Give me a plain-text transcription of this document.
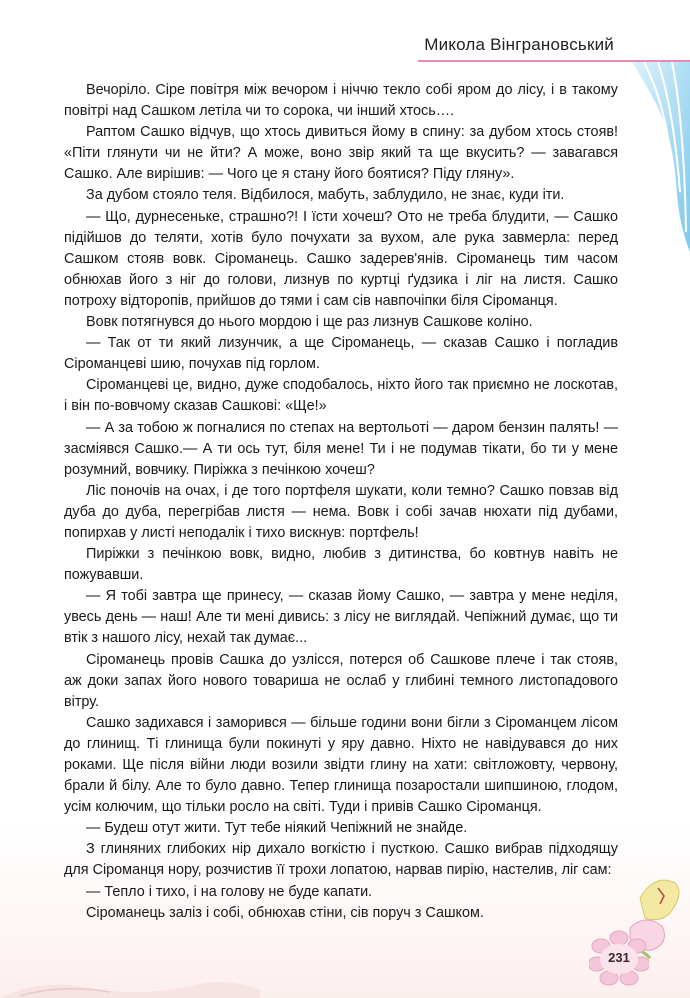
Микола Вінграновський

Вечоріло. Сіре повітря між вечором і ніччю текло собі яром до лісу, і в такому повітрі над Сашком летіла чи то сорока, чи інший хтось….

Раптом Сашко відчув, що хтось дивиться йому в спину: за дубом хтось стояв! «Піти глянути чи не йти? А може, воно звір який та ще вкусить? — завагався Сашко. Але вирішив: — Чого це я стану його боятися? Піду гляну».

За дубом стояло теля. Відбилося, мабуть, заблудило, не знає, куди іти.

— Що, дурнесеньке, страшно?! І їсти хочеш? Ото не треба блудити, — Сашко підійшов до теляти, хотів було почухати за вухом, але рука завмерла: перед Сашком стояв вовк. Сіроманець. Сашко задерев'янів. Сіроманець тим часом обнюхав його з ніг до голови, лизнув по куртці ґудзика і ліг на листя. Сашко потроху відторопів, прийшов до тями і сам сів навпочіпки біля Сіроманця.

Вовк потягнувся до нього мордою і ще раз лизнув Сашкове коліно.

— Так от ти який лизунчик, а ще Сіроманець, — сказав Сашко і погладив Сіроманцеві шию, почухав під горлом.

Сіроманцеві це, видно, дуже сподобалось, ніхто його так приємно не лоскотав, і він по-вовчому сказав Сашкові: «Ще!»

— А за тобою ж погналися по степах на вертольоті — даром бензин палять! — засміявся Сашко.— А ти ось тут, біля мене! Ти і не подумав тікати, бо ти у мене розумний, вовчику. Пиріжка з печінкою хочеш?

Ліс поночів на очах, і де того портфеля шукати, коли темно? Сашко повзав від дуба до дуба, перегрібав листя — нема. Вовк і собі зачав нюхати під дубами, попирхав у листі неподалік і тихо вискнув: портфель!

Пиріжки з печінкою вовк, видно, любив з дитинства, бо ковтнув навіть не пожувавши.

— Я тобі завтра ще принесу, — сказав йому Сашко, — завтра у мене неділя, увесь день — наш! Але ти мені дивись: з лісу не виглядай. Чепіжний думає, що ти втік з нашого лісу, нехай так думає...

Сіроманець провів Сашка до узлісся, потерся об Сашкове плече і так стояв, аж доки запах його нового товариша не ослаб у глибині темного листопадового вітру.

Сашко задихався і заморився — більше години вони бігли з Сіроманцем лісом до глинищ. Ті глинища були покинуті у яру давно. Ніхто не навідувався до них роками. Ще після війни люди возили звідти глину на хати: світложовту, червону, брали й білу. Але то було давно. Тепер глинища позаростали шипшиною, глодом, усім колючим, що тільки росло на світі. Туди і привів Сашко Сіроманця.

— Будеш отут жити. Тут тебе ніякий Чепіжний не знайде.

З глиняних глибоких нір дихало вогкістю і пусткою. Сашко вибрав підходящу для Сіроманця нору, розчистив її трохи лопатою, нарвав пирію, настелив, ліг сам:

— Тепло і тихо, і на голову не буде капати.

Сіроманець заліз і собі, обнюхав стіни, сів поруч з Сашком.

231
